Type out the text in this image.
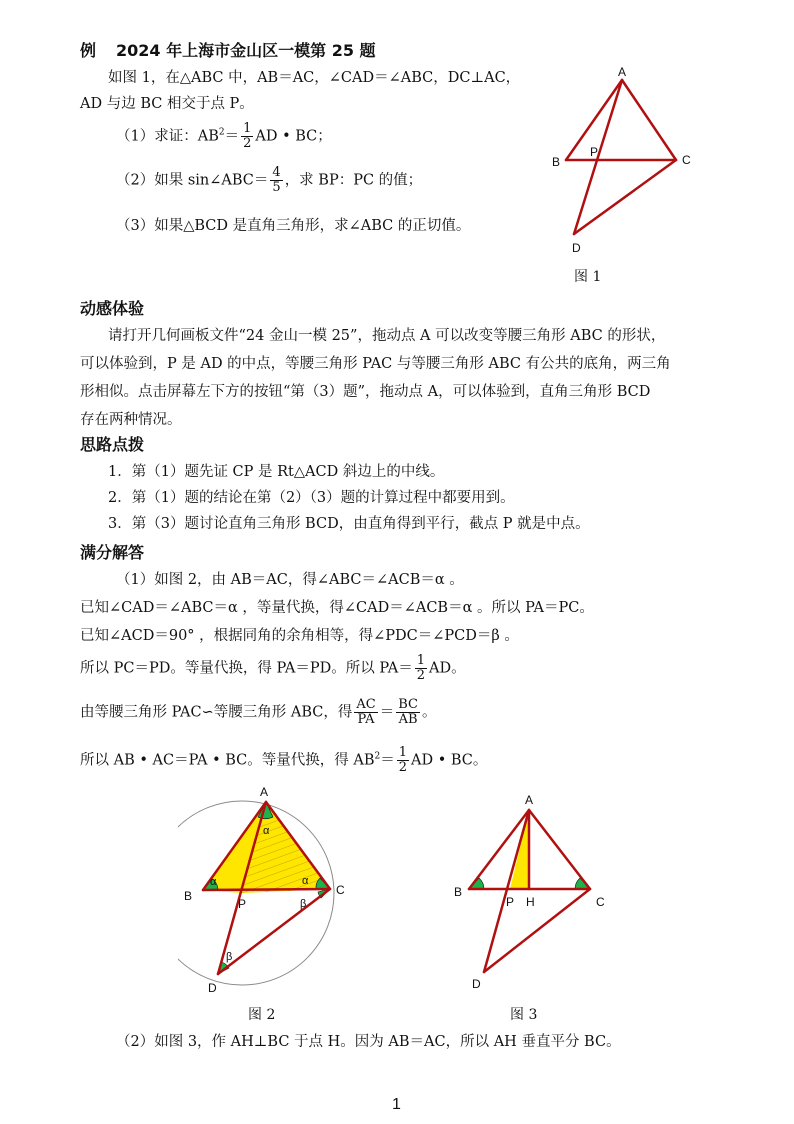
例 2024 年上海市金山区一模第 25 题
如图 1，在△ABC 中，AB＝AC，∠CAD＝∠ABC，DC⊥AC，
AD 与边 BC 相交于点 P。
（1）求证：$AB^2= \frac{1}{2}$ AD • BC；
（2）如果 sin∠ABC＝ $\frac{4}{5}$ ，求 BP：PC 的值；
（3）如果△BCD 是直角三角形，求∠ABC 的正切值。
A
B	C
D
P
图 1
动感体验
请打开几何画板文件“24 金山一模 25”，拖动点 A 可以改变等腰三角形 ABC 的形状，
可以体验到，P 是 AD 的中点，等腰三角形 PAC 与等腰三角形 ABC 有公共的底角，两三角
形相似。点击屏幕左下方的按钮“第（3）题”，拖动点 A，可以体验到，直角三角形 BCD
存在两种情况。
思路点拨
1．第（1）题先证 CP 是 Rt△ACD 斜边上的中线。
2．第（1）题的结论在第（2）（3）题的计算过程中都要用到。
3．第（3）题讨论直角三角形 BCD，由直角得到平行，截点 P 就是中点。
满分解答
（1）如图 2，由 AB＝AC，得∠ABC＝∠ACB＝α 。
已知∠CAD＝∠ABC＝α ，等量代换，得∠CAD＝∠ACB＝α 。所以 PA＝PC。
已知∠ACD＝90° ，根据同角的余角相等，得∠PDC＝∠PCD＝β 。
所以 PC＝PD。等量代换，得 PA＝PD。所以 $PA= \frac{1}{2}$ AD。
由等腰三角形 PAC∽等腰三角形 ABC，得 $\frac{AC}{PA} = \frac{BC}{AB}$ 。
所以 AB • AC＝PA • BC。等量代换，得 $AB^2= \frac{1}{2}$ AD • BC。
A
B	C
D
P
α
α
α
β
β
图 2
A
B
C
D
P H
图 3
（2）如图 3，作 AH⊥BC 于点 H。因为 AB＝AC，所以 AH 垂直平分 BC。
1
